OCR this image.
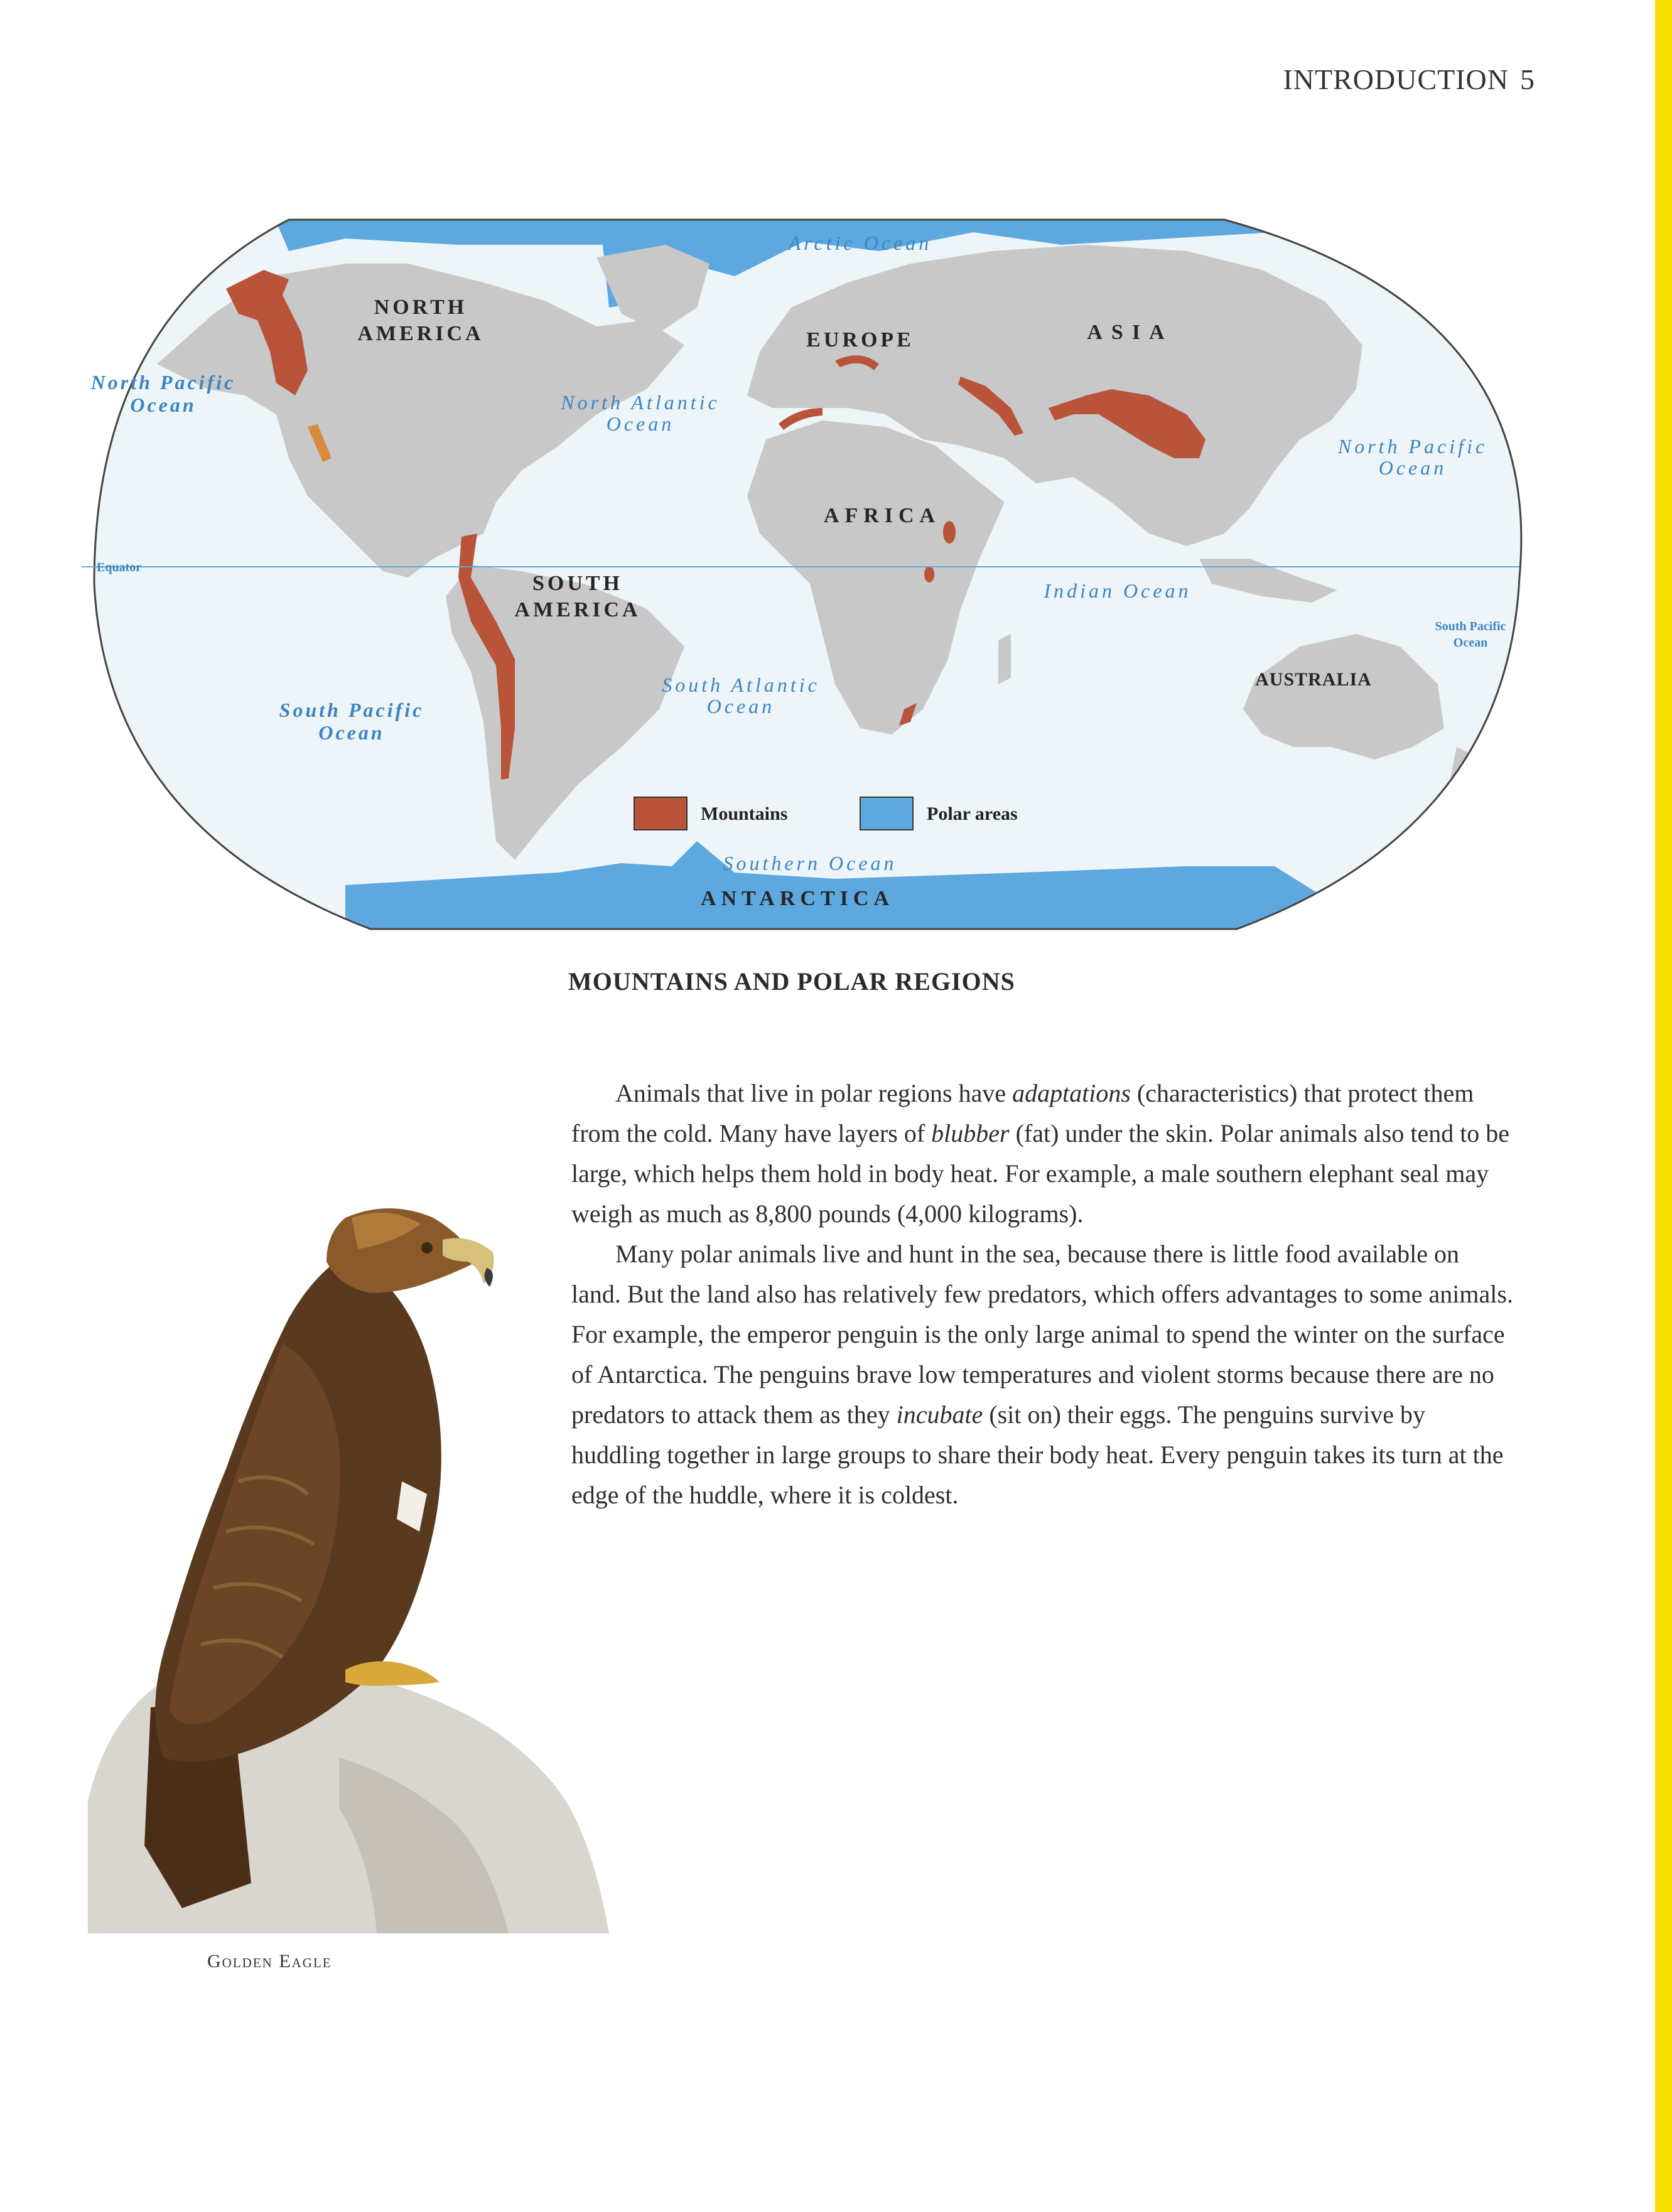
INTRODUCTION 5
Equator
NORTH
AMERICA	EUROPE	ASIA
AFRICA
SOUTH
AMERICA
AUSTRALIA
ANTARCTICA
Arctic Ocean
North Pacific
Ocean	North Atlantic
Ocean
North Pacific
Ocean
Indian Ocean
South Atlantic
Ocean
South Pacific
Ocean
South Pacific
Ocean
Southern Ocean
Mountains	Polar areas
MOUNTAINS AND POLAR REGIONS

Animals that live in polar regions have adaptations (characteristics) that protect them from the cold. Many have layers of blubber (fat) under the skin. Polar animals also tend to be large, which helps them hold in body heat. For example, a male southern elephant seal may weigh as much as 8,800 pounds (4,000 kilograms).

Many polar animals live and hunt in the sea, because there is little food available on land. But the land also has relatively few predators, which offers advantages to some animals. For example, the emperor penguin is the only large animal to spend the winter on the surface of Antarctica. The penguins brave low temperatures and violent storms because there are no predators to attack them as they incubate (sit on) their eggs. The penguins survive by huddling together in large groups to share their body heat. Every penguin takes its turn at the edge of the huddle, where it is coldest.

Golden Eagle
